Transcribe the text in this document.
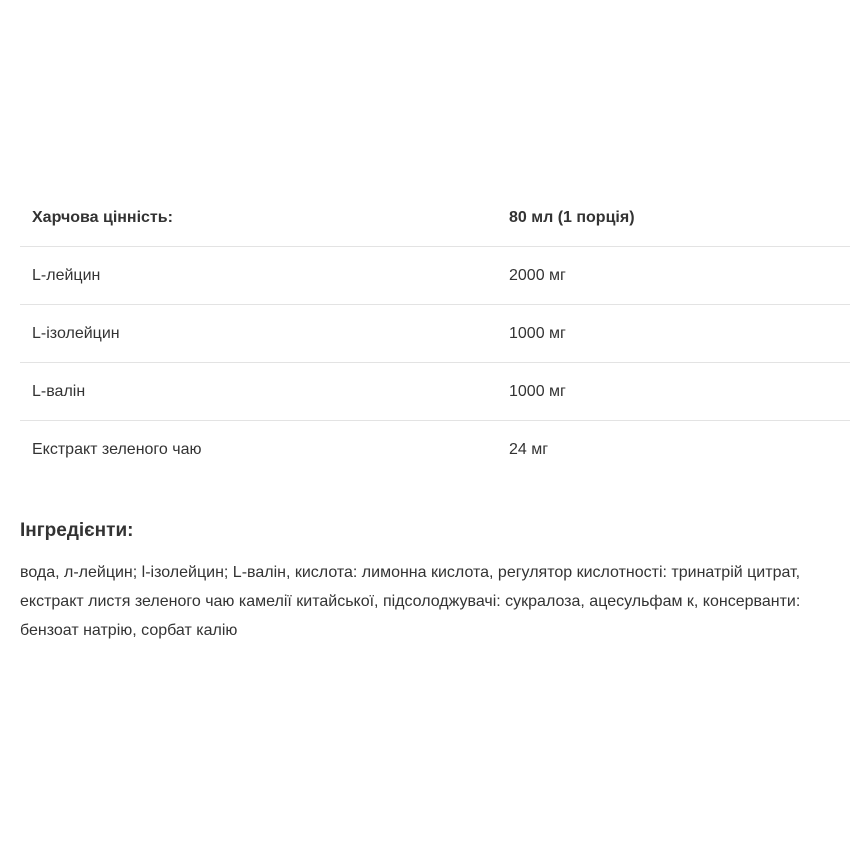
Харчова цінність:	80 мл (1 порція)
L-лейцин	2000 мг
L-ізолейцин	1000 мг
L-валін	1000 мг
Екстракт зеленого чаю	24 мг
Інгредієнти:
вода, л-лейцин; l-ізолейцин; L-валін, кислота: лимонна кислота, регулятор кислотності: тринатрій цитрат, екстракт листя зеленого чаю камелії китайської, підсолоджувачі: сукралоза, ацесульфам к, консерванти: бензоат натрію, сорбат калію
